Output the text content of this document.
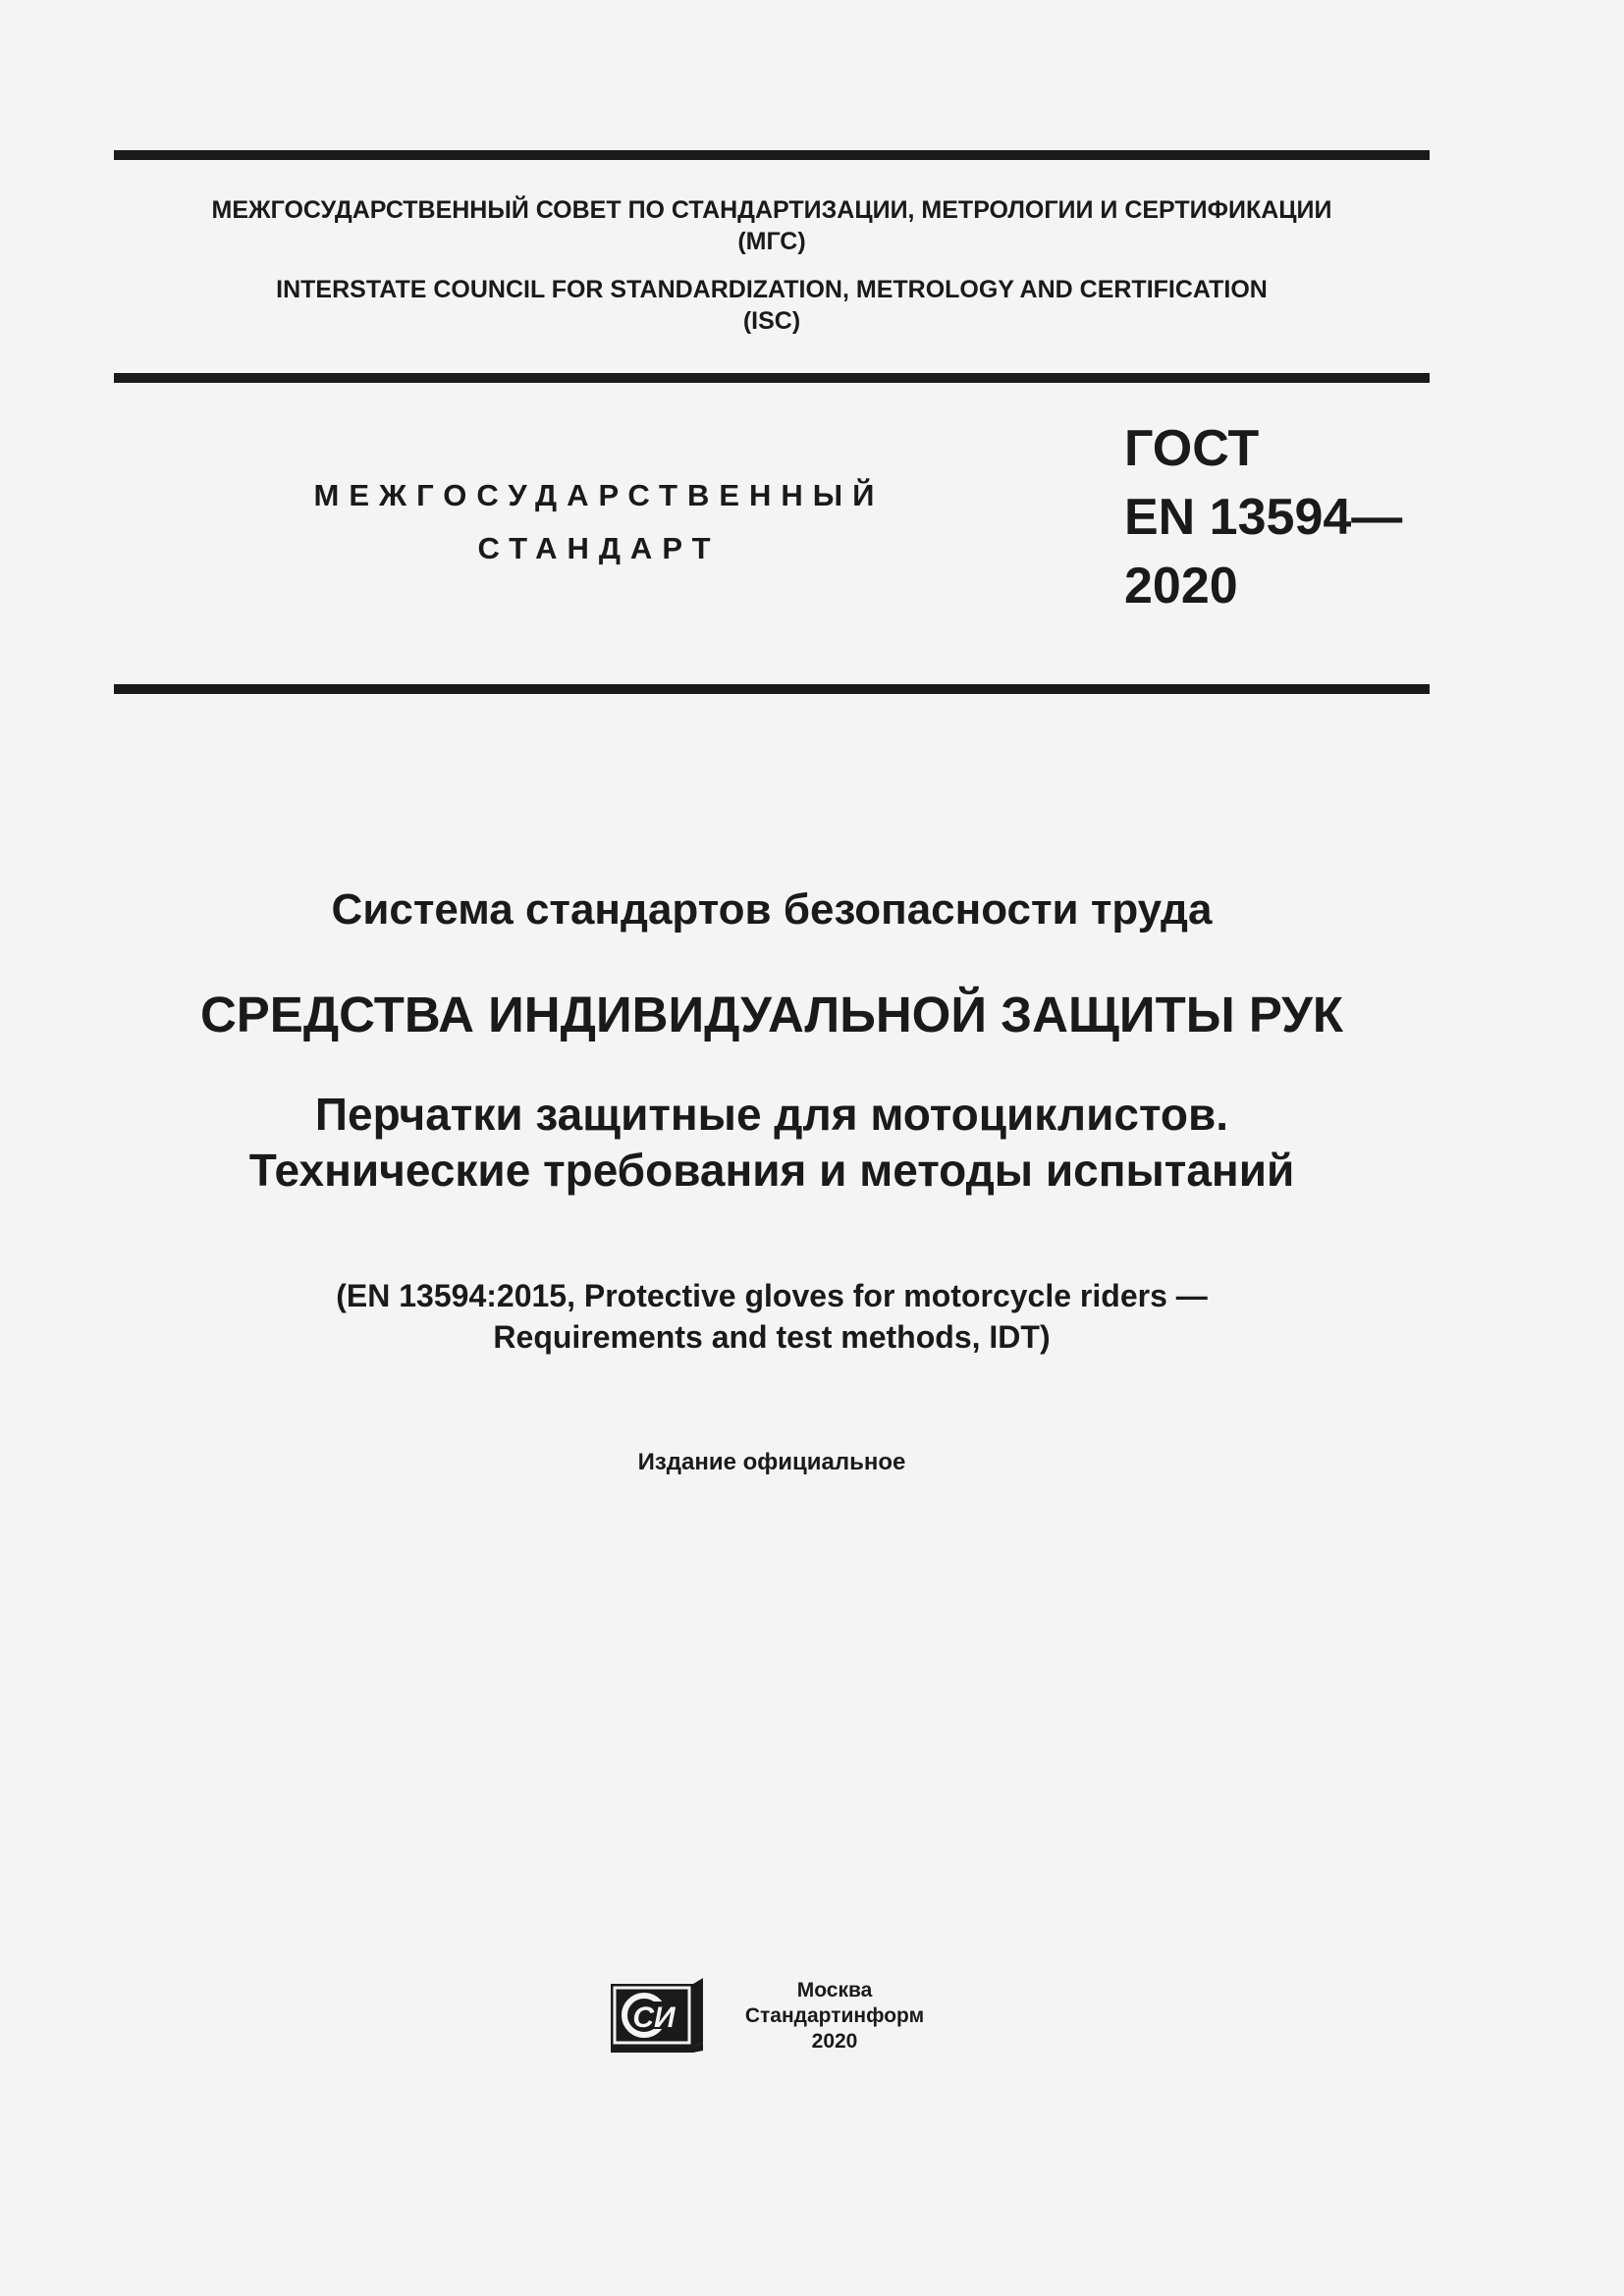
МЕЖГОСУДАРСТВЕННЫЙ СОВЕТ ПО СТАНДАРТИЗАЦИИ, МЕТРОЛОГИИ И СЕРТИФИКАЦИИ
(МГС)
INTERSTATE COUNCIL FOR STANDARDIZATION, METROLOGY AND CERTIFICATION
(ISC)
МЕЖГОСУДАРСТВЕННЫЙ
СТАНДАРТ
ГОСТ
EN 13594—
2020
Система стандартов безопасности труда
СРЕДСТВА ИНДИВИДУАЛЬНОЙ ЗАЩИТЫ РУК
Перчатки защитные для мотоциклистов.
Технические требования и методы испытаний
(EN 13594:2015, Protective gloves for motorcycle riders —
Requirements and test methods, IDT)
Издание официальное
СИ
Москва
Стандартинформ
2020
